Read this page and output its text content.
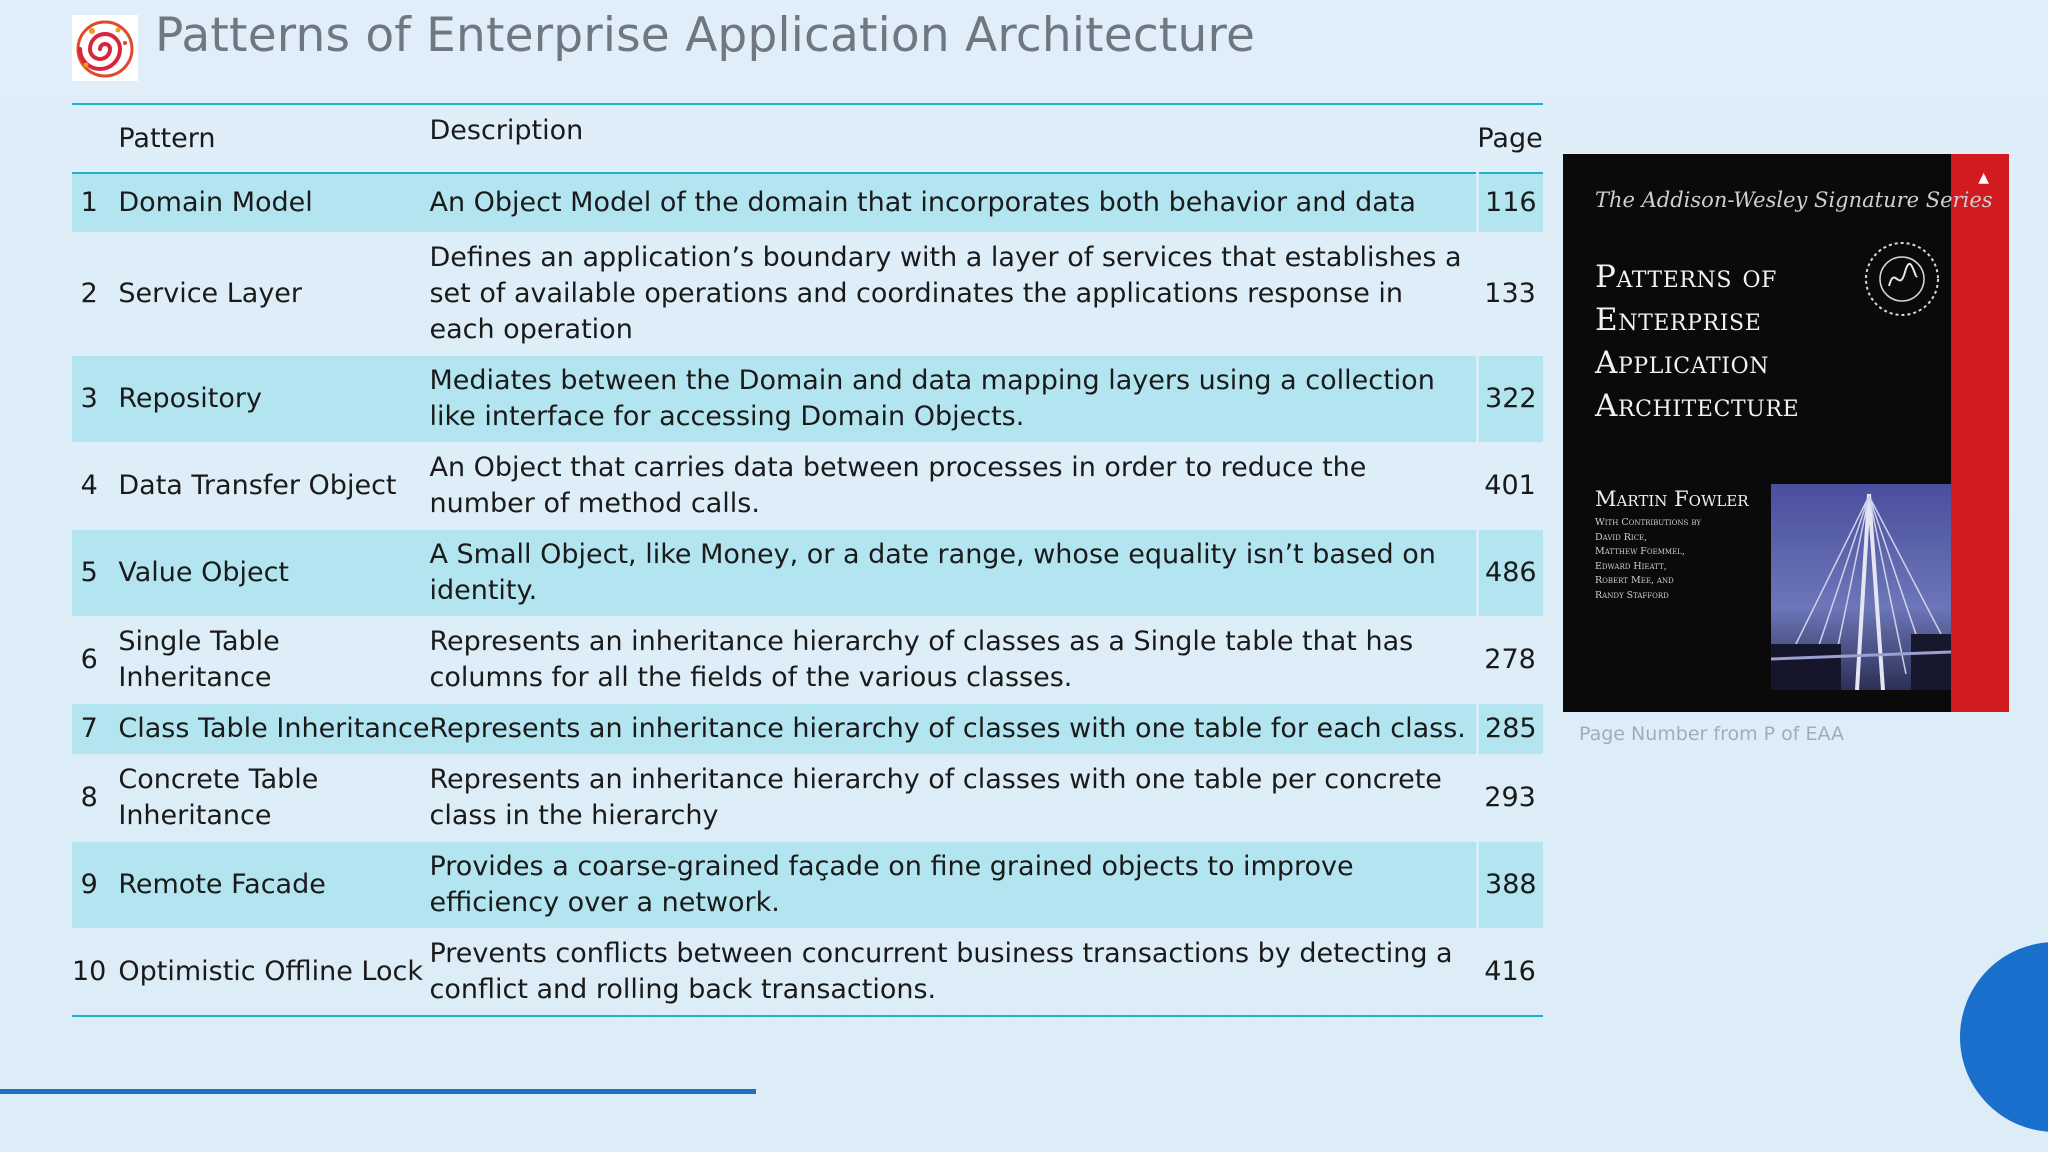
Patterns of Enterprise Application Architecture
	Pattern	Description	Page
1	Domain Model	An Object Model of the domain that incorporates both behavior and data	116
2	Service Layer	Defines an application’s boundary with a layer of services that establishes a set of available operations and coordinates the applications response in each operation	133
3	Repository	Mediates between the Domain and data mapping layers using a collection like interface for accessing Domain Objects.	322
4	Data Transfer Object	An Object that carries data between processes in order to reduce the number of method calls.	401
5	Value Object	A Small Object, like Money, or a date range, whose equality isn’t based on identity.	486
6	Single Table Inheritance	Represents an inheritance hierarchy of classes as a Single table that has columns for all the fields of the various classes.	278
7	Class Table Inheritance	Represents an inheritance hierarchy of classes with one table for each class.	285
8	Concrete Table Inheritance	Represents an inheritance hierarchy of classes with one table per concrete class in the hierarchy	293
9	Remote Facade	Provides a coarse-grained façade on fine grained objects to improve efficiency over a network.	388
10	Optimistic Offline Lock	Prevents conflicts between concurrent business transactions by detecting a conflict and rolling back transactions.	416
▲
The Addison-Wesley Signature Series
Patterns of Enterprise Application Architecture
Martin Fowler
With Contributions by
David Rice,
Matthew Foemmel,
Edward Hieatt,
Robert Mee, and
Randy Stafford
Page Number from P of EAA
